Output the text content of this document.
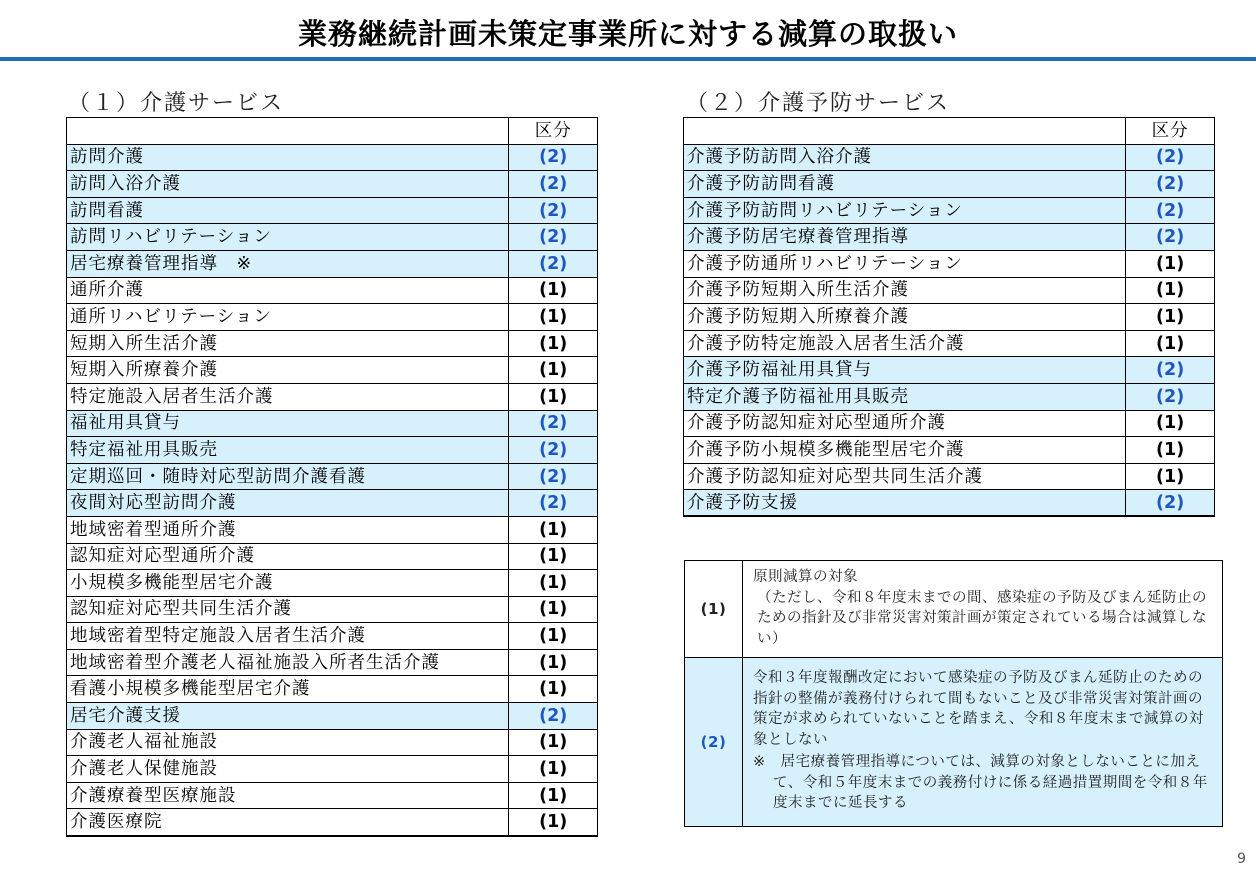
業務継続計画未策定事業所に対する減算の取扱い
（１）介護サービス	（２）介護予防サービス
	区分
訪問介護	(2)
訪問入浴介護	(2)
訪問看護	(2)
訪問リハビリテーション	(2)
居宅療養管理指導　※	(2)
通所介護	(1)
通所リハビリテーション	(1)
短期入所生活介護	(1)
短期入所療養介護	(1)
特定施設入居者生活介護	(1)
福祉用具貸与	(2)
特定福祉用具販売	(2)
定期巡回・随時対応型訪問介護看護	(2)
夜間対応型訪問介護	(2)
地域密着型通所介護	(1)
認知症対応型通所介護	(1)
小規模多機能型居宅介護	(1)
認知症対応型共同生活介護	(1)
地域密着型特定施設入居者生活介護	(1)
地域密着型介護老人福祉施設入所者生活介護	(1)
看護小規模多機能型居宅介護	(1)
居宅介護支援	(2)
介護老人福祉施設	(1)
介護老人保健施設	(1)
介護療養型医療施設	(1)
介護医療院	(1)
	区分
介護予防訪問入浴介護	(2)
介護予防訪問看護	(2)
介護予防訪問リハビリテーション	(2)
介護予防居宅療養管理指導	(2)
介護予防通所リハビリテーション	(1)
介護予防短期入所生活介護	(1)
介護予防短期入所療養介護	(1)
介護予防特定施設入居者生活介護	(1)
介護予防福祉用具貸与	(2)
特定介護予防福祉用具販売	(2)
介護予防認知症対応型通所介護	(1)
介護予防小規模多機能型居宅介護	(1)
介護予防認知症対応型共同生活介護	(1)
介護予防支援	(2)
(1)	原則減算の対象

（ただし、令和８年度末までの間、感染症の予防及びまん延防止のための指針及び非常災害対策計画が策定されている場合は減算しない）

(2)	令和３年度報酬改定において感染症の予防及びまん延防止のための指針の整備が義務付けられて間もないこと及び非常災害対策計画の策定が求められていないことを踏まえ、令和８年度末まで減算の対象としない
※　居宅療養管理指導については、減算の対象としないことに加えて、令和５年度末までの義務付けに係る経過措置期間を令和８年度末までに延長する
9
